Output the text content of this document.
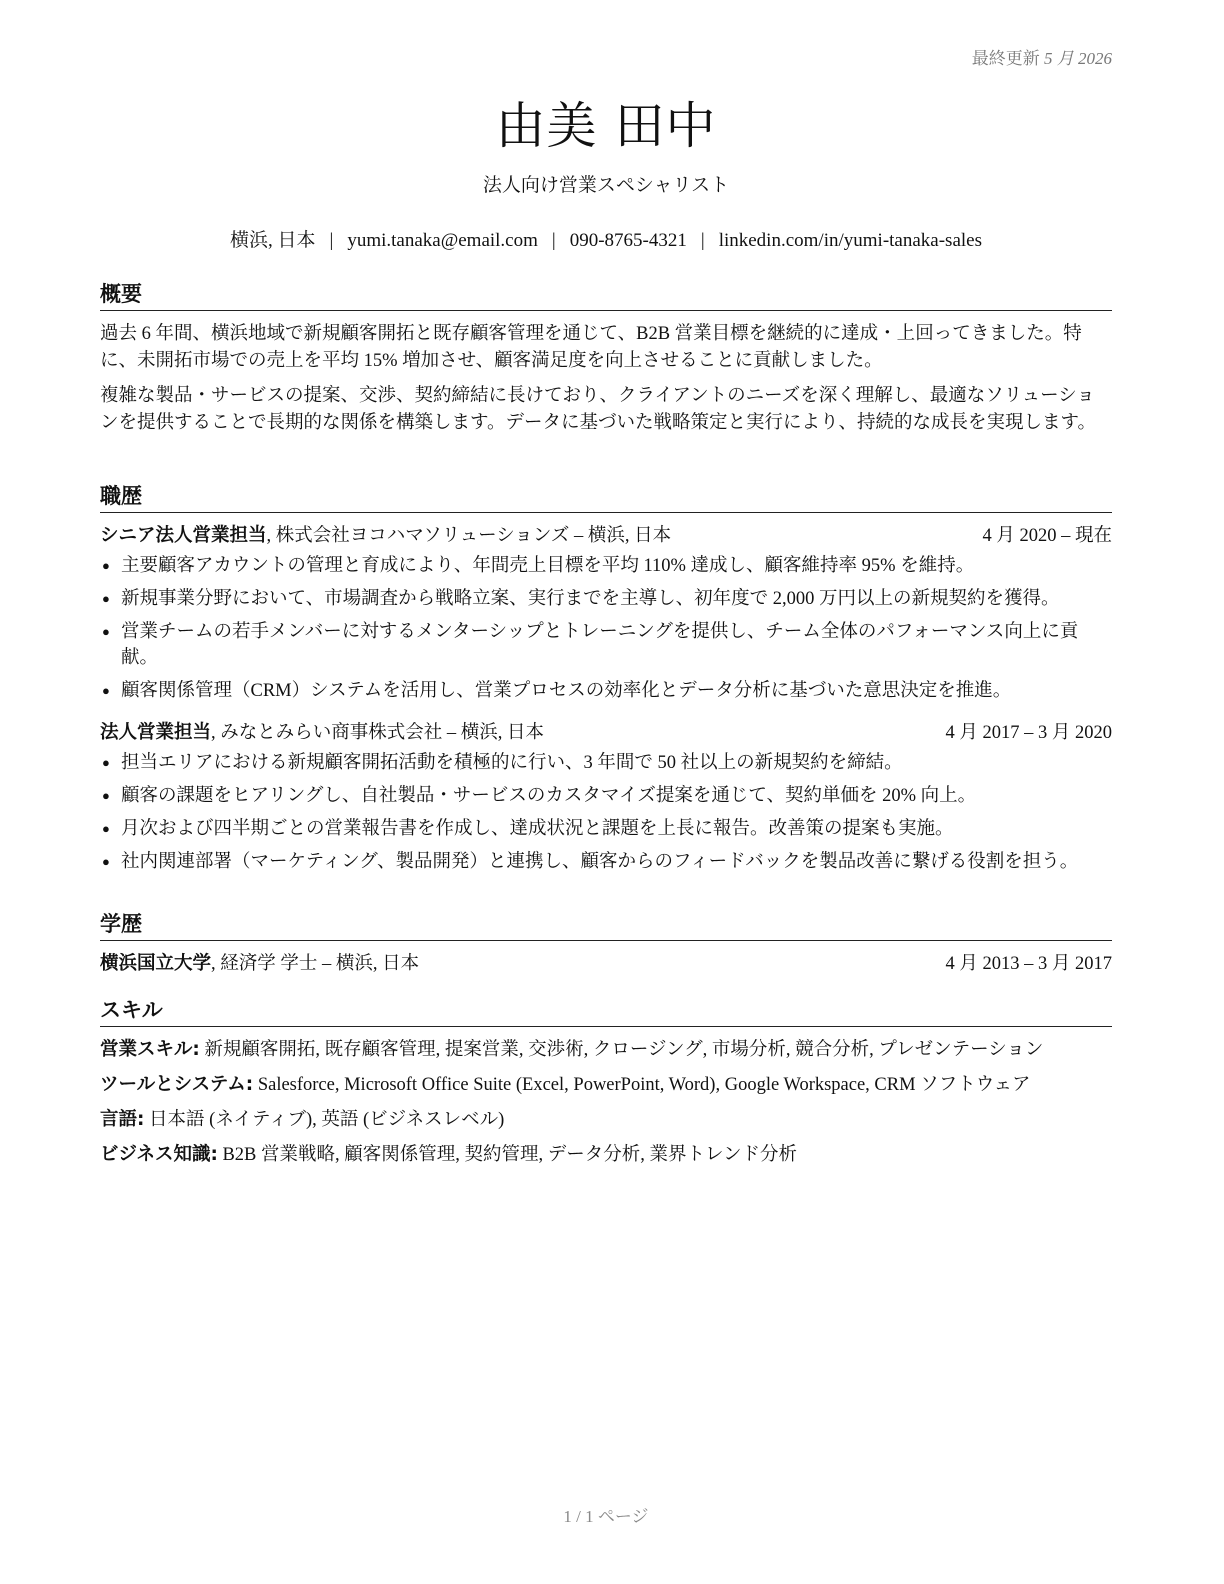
最終更新 5 月 2026
由美 田中
法人向け営業スペシャリスト
横浜, 日本 | yumi.tanaka@email.com | 090-8765-4321 | linkedin.com/in/yumi-tanaka-sales
概要

過去 6 年間、横浜地域で新規顧客開拓と既存顧客管理を通じて、B2B 営業目標を継続的に達成・上回ってきました。特に、未開拓市場での売上を平均 15% 増加させ、顧客満足度を向上させることに貢献しました。

複雑な製品・サービスの提案、交渉、契約締結に長けており、クライアントのニーズを深く理解し、最適なソリューションを提供することで長期的な関係を構築します。データに基づいた戦略策定と実行により、持続的な成長を実現します。

職歴
シニア法人営業担当, 株式会社ヨコハマソリューションズ – 横浜, 日本	4 月 2020 – 現在
● 主要顧客アカウントの管理と育成により、年間売上目標を平均 110% 達成し、顧客維持率 95% を維持。
● 新規事業分野において、市場調査から戦略立案、実行までを主導し、初年度で 2,000 万円以上の新規契約を獲得。
● 営業チームの若手メンバーに対するメンターシップとトレーニングを提供し、チーム全体のパフォーマンス向上に貢献。
● 顧客関係管理（CRM）システムを活用し、営業プロセスの効率化とデータ分析に基づいた意思決定を推進。
法人営業担当, みなとみらい商事株式会社 – 横浜, 日本	4 月 2017 – 3 月 2020
● 担当エリアにおける新規顧客開拓活動を積極的に行い、3 年間で 50 社以上の新規契約を締結。
● 顧客の課題をヒアリングし、自社製品・サービスのカスタマイズ提案を通じて、契約単価を 20% 向上。
● 月次および四半期ごとの営業報告書を作成し、達成状況と課題を上長に報告。改善策の提案も実施。
● 社内関連部署（マーケティング、製品開発）と連携し、顧客からのフィードバックを製品改善に繋げる役割を担う。
学歴
横浜国立大学, 経済学 学士 – 横浜, 日本	4 月 2013 – 3 月 2017
スキル
営業スキル: 新規顧客開拓, 既存顧客管理, 提案営業, 交渉術, クロージング, 市場分析, 競合分析, プレゼンテーション
ツールとシステム: Salesforce, Microsoft Office Suite (Excel, PowerPoint, Word), Google Workspace, CRM ソフトウェア
言語: 日本語 (ネイティブ), 英語 (ビジネスレベル)
ビジネス知識: B2B 営業戦略, 顧客関係管理, 契約管理, データ分析, 業界トレンド分析
1 / 1 ページ
